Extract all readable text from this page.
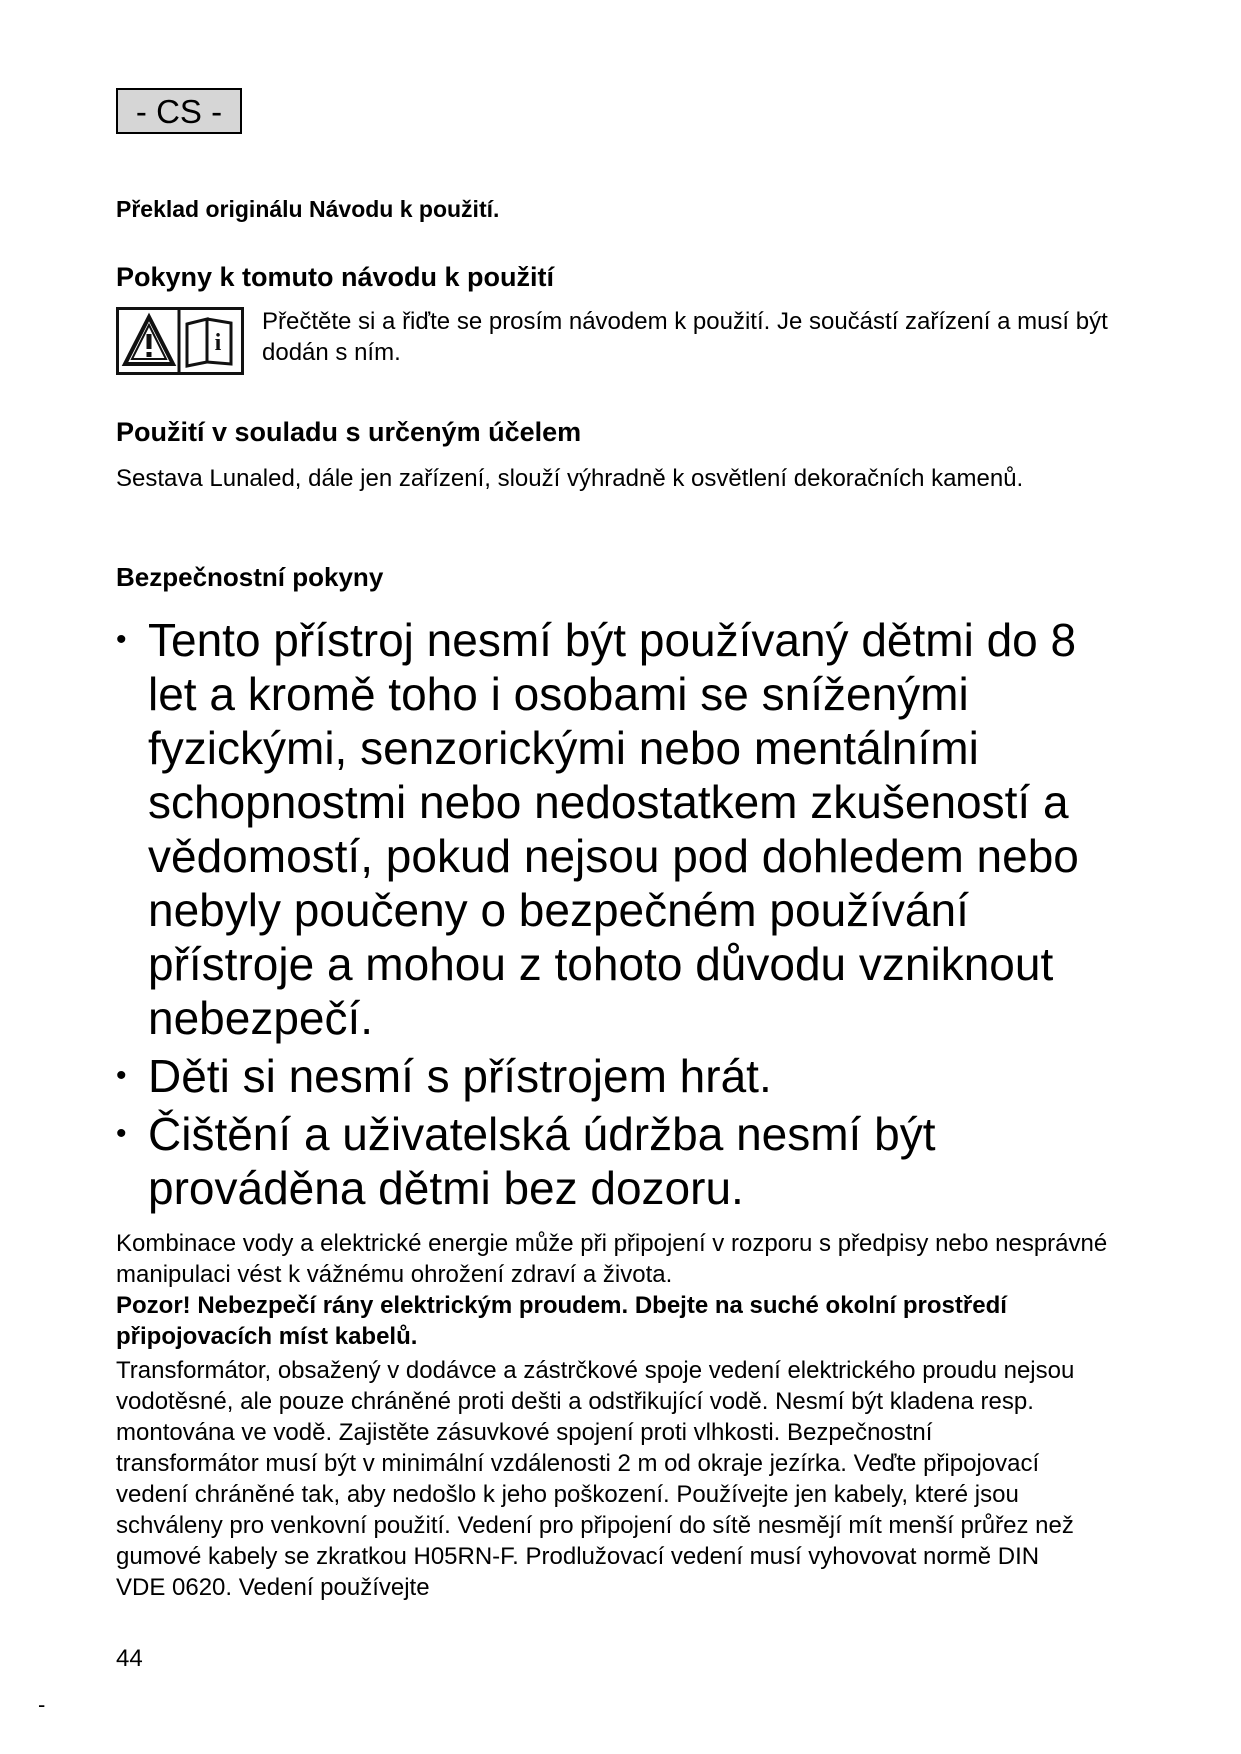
- CS -
Překlad originálu Návodu k použití.
Pokyny k tomuto návodu k použití
i
Přečtěte si a řiďte se prosím návodem k použití. Je součástí zařízení a musí být dodán s ním.
Použití v souladu s určeným účelem
Sestava Lunaled, dále jen zařízení, slouží výhradně k osvětlení dekoračních kamenů.
Bezpečnostní pokyny
• Tento přístroj nesmí být používaný dětmi do 8 let a kromě toho i osobami se sníženými fyzickými, senzorickými nebo mentálními schopnostmi nebo nedostatkem zkušeností a vědomostí, pokud nejsou pod dohledem nebo nebyly poučeny o bezpečném používání přístroje a mohou z tohoto důvodu vzniknout nebezpečí.
• Děti si nesmí s přístrojem hrát.
• Čištění a uživatelská údržba nesmí být prováděna dětmi bez dozoru.
Kombinace vody a elektrické energie může při připojení v rozporu s předpisy nebo nesprávné manipulaci vést k vážnému ohrožení zdraví a života.
Pozor! Nebezpečí rány elektrickým proudem. Dbejte na suché okolní prostředí připojovacích míst kabelů.
Transformátor, obsažený v dodávce a zástrčkové spoje vedení elektrického proudu nejsou vodotěsné, ale pouze chráněné proti dešti a odstřikující vodě. Nesmí být kladena resp. montována ve vodě. Zajistěte zásuvkové spojení proti vlhkosti. Bezpečnostní transformátor musí být v minimální vzdálenosti 2 m od okraje jezírka. Veďte připojovací vedení chráněné tak, aby nedošlo k jeho poškození. Používejte jen kabely, které jsou schváleny pro venkovní použití. Vedení pro připojení do sítě nesmějí mít menší průřez než gumové kabely se zkratkou H05RN-F. Prodlužovací vedení musí vyhovovat normě DIN VDE 0620. Vedení používejte
44
-
